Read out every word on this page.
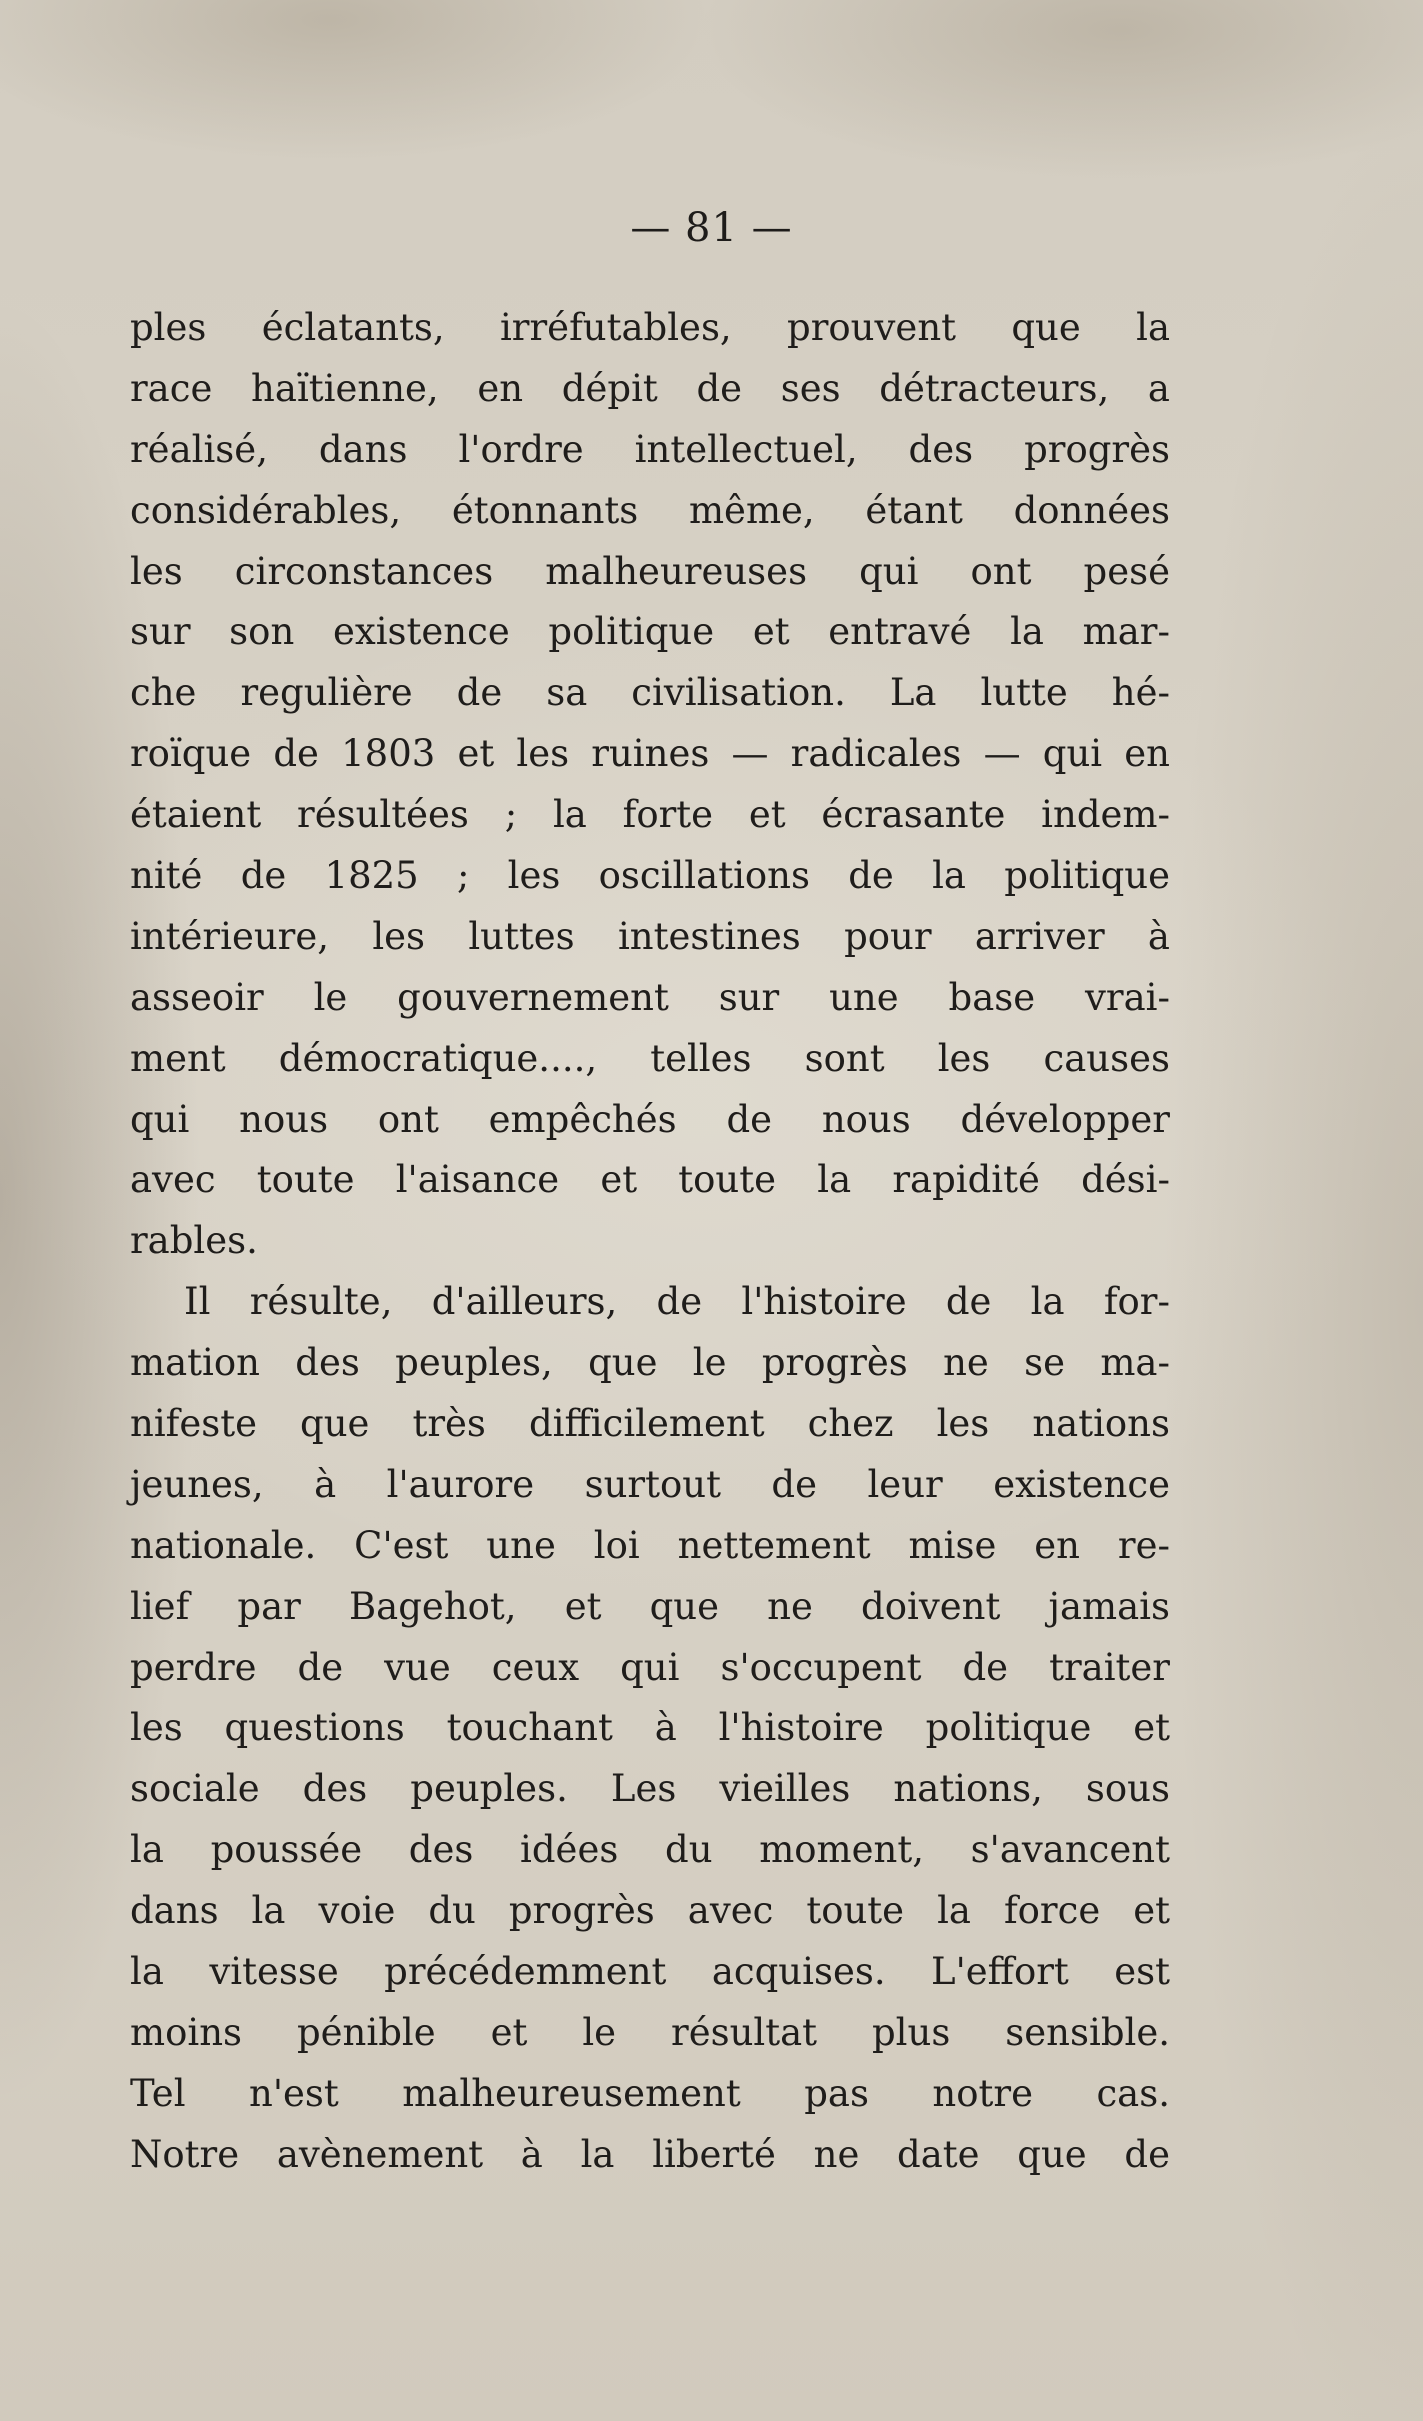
— 81 —
ples éclatants, irréfutables, prouvent que la
race haïtienne, en dépit de ses détracteurs, a
réalisé, dans l'ordre intellectuel, des progrès
considérables, étonnants même, étant données
les circonstances malheureuses qui ont pesé
sur son existence politique et entravé la mar-
che regulière de sa civilisation. La lutte hé-
roïque de 1803 et les ruines — radicales — qui en
étaient résultées ; la forte et écrasante indem-
nité de 1825 ; les oscillations de la politique
intérieure, les luttes intestines pour arriver à
asseoir le gouvernement sur une base vrai-
ment démocratique...., telles sont les causes
qui nous ont empêchés de nous développer
avec toute l'aisance et toute la rapidité dési-
rables.
Il résulte, d'ailleurs, de l'histoire de la for-
mation des peuples, que le progrès ne se ma-
nifeste que très difficilement chez les nations
jeunes, à l'aurore surtout de leur existence
nationale. C'est une loi nettement mise en re-
lief par Bagehot, et que ne doivent jamais
perdre de vue ceux qui s'occupent de traiter
les questions touchant à l'histoire politique et
sociale des peuples. Les vieilles nations, sous
la poussée des idées du moment, s'avancent
dans la voie du progrès avec toute la force et
la vitesse précédemment acquises. L'effort est
moins pénible et le résultat plus sensible.
Tel n'est malheureusement pas notre cas.
Notre avènement à la liberté ne date que de
